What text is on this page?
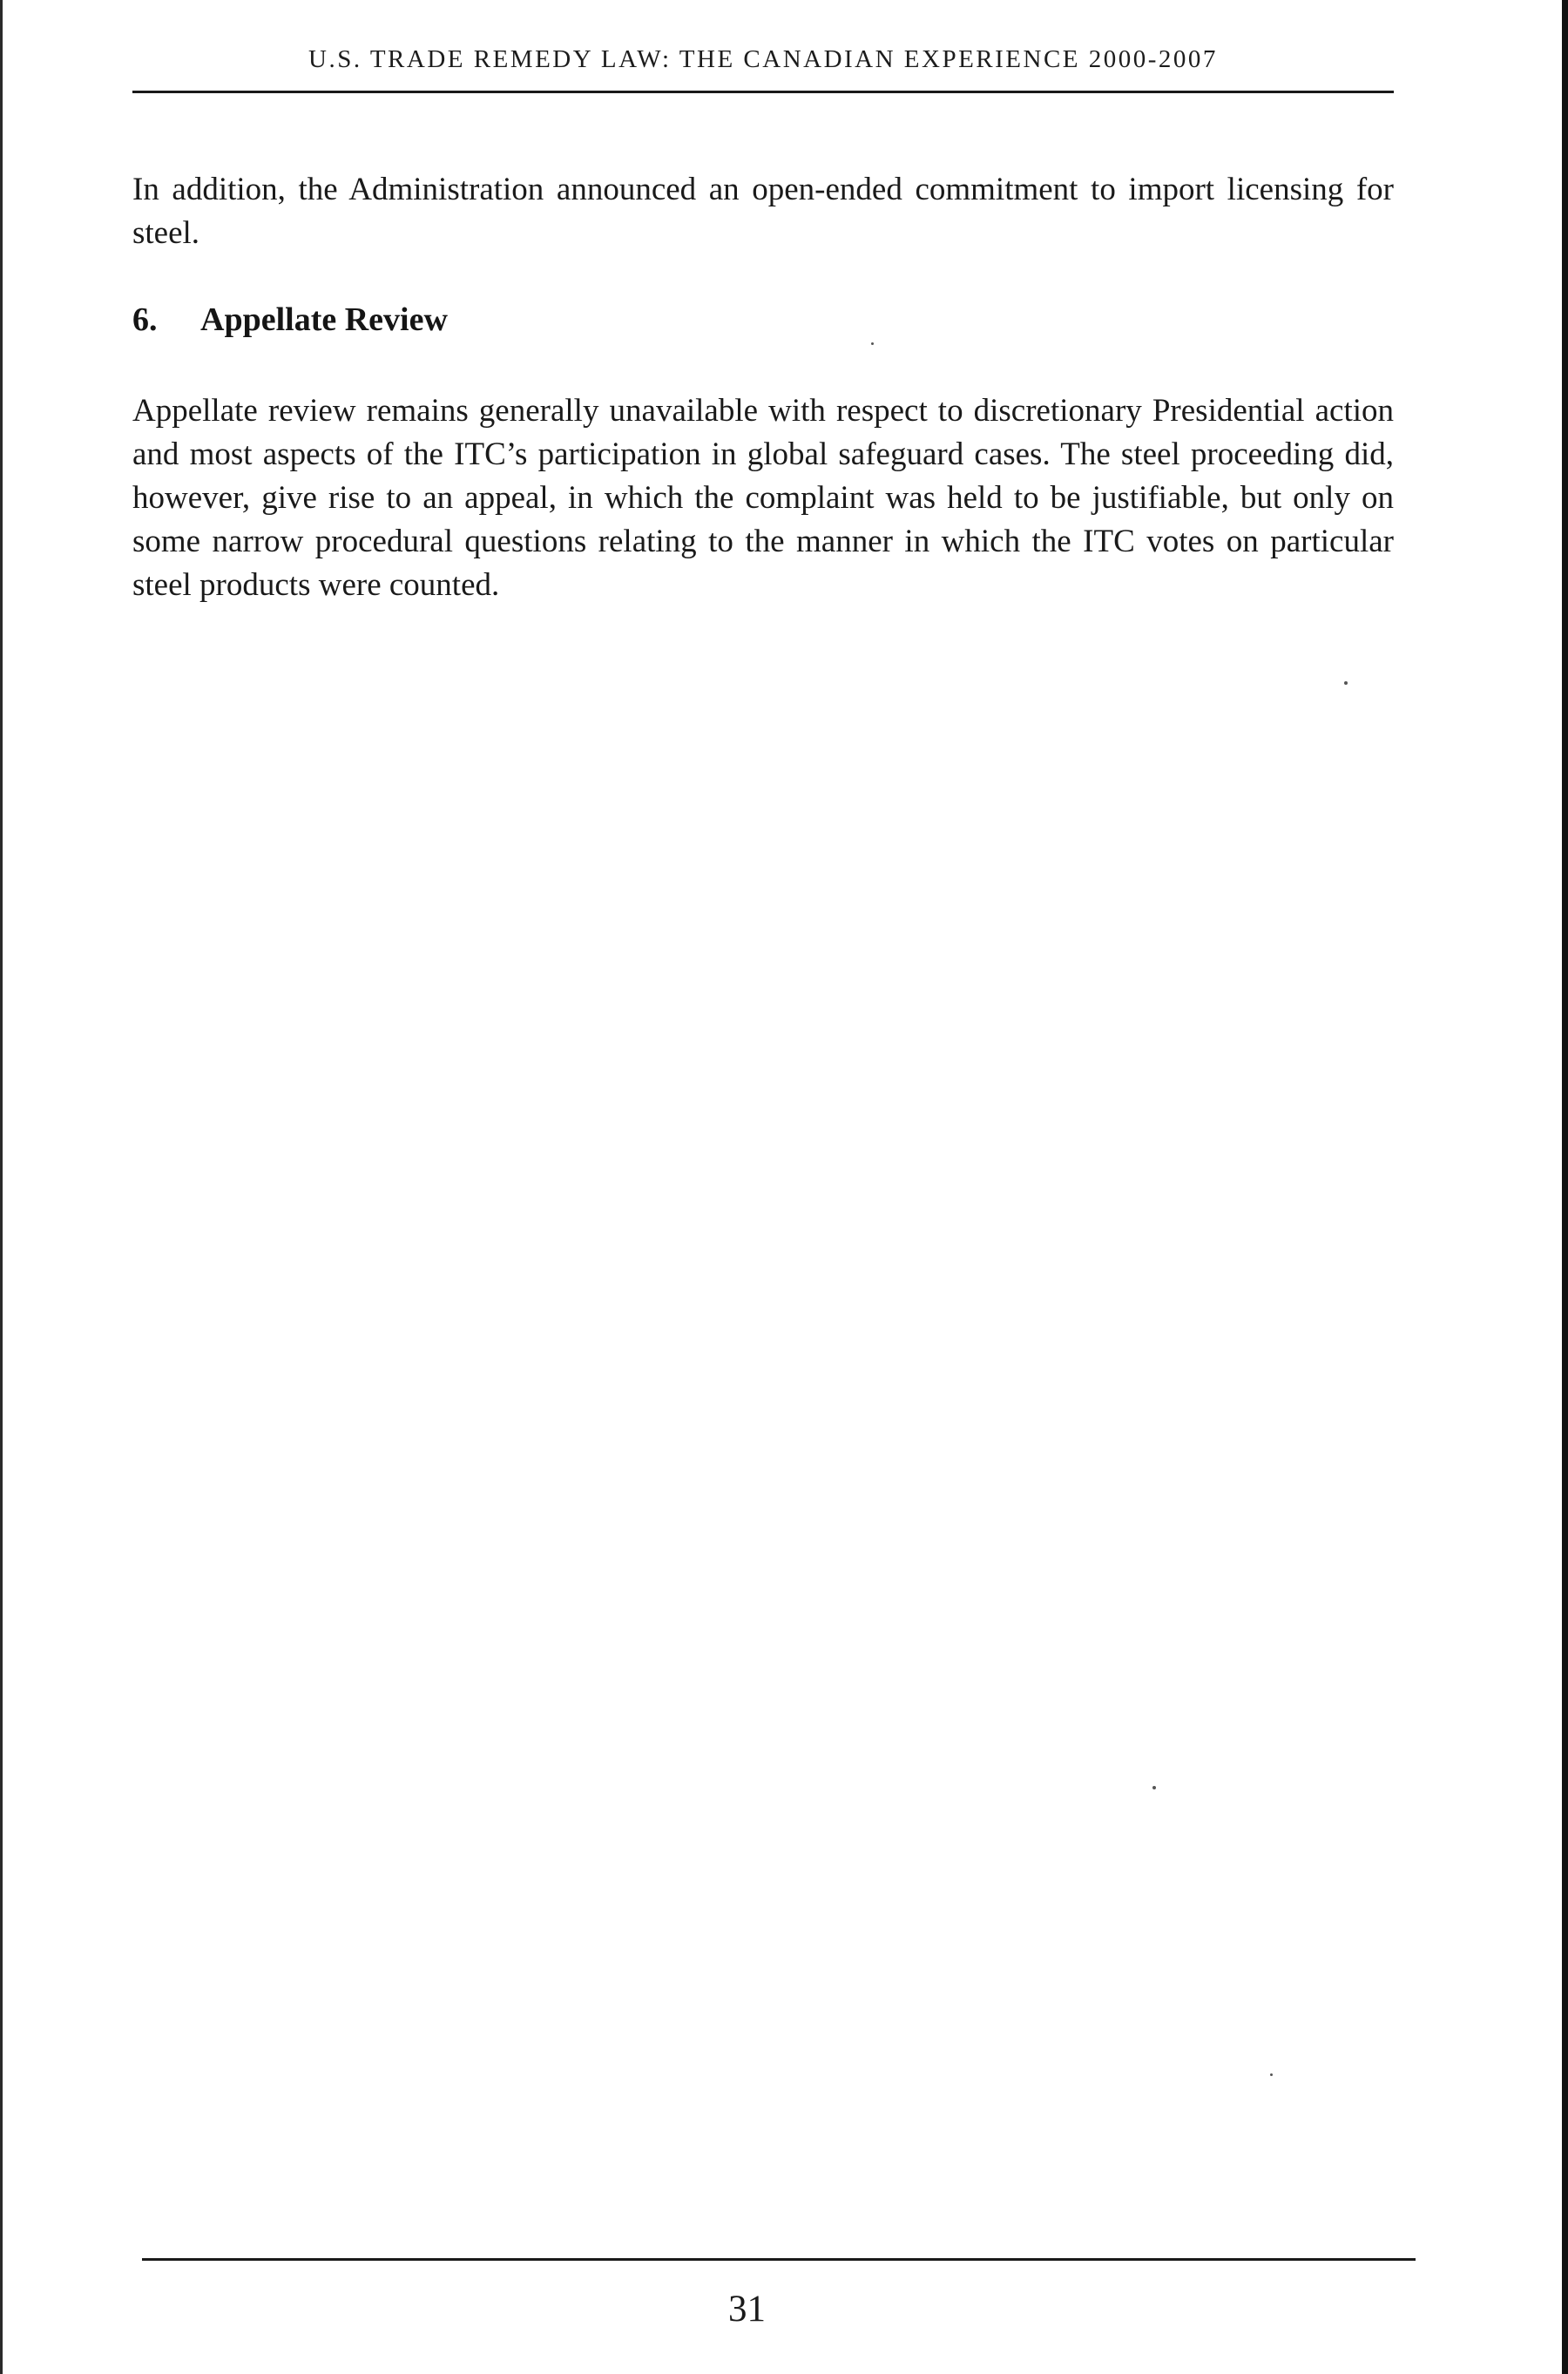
U.S. TRADE REMEDY LAW: THE CANADIAN EXPERIENCE 2000-2007

In addition, the Administration announced an open-ended commitment to import licensing for steel.

6. Appellate Review

Appellate review remains generally unavailable with respect to discretionary Presidential action and most aspects of the ITC’s participation in global safeguard cases. The steel proceeding did, however, give rise to an appeal, in which the complaint was held to be justifiable, but only on some narrow procedural questions relating to the manner in which the ITC votes on particular steel products were counted.

31
